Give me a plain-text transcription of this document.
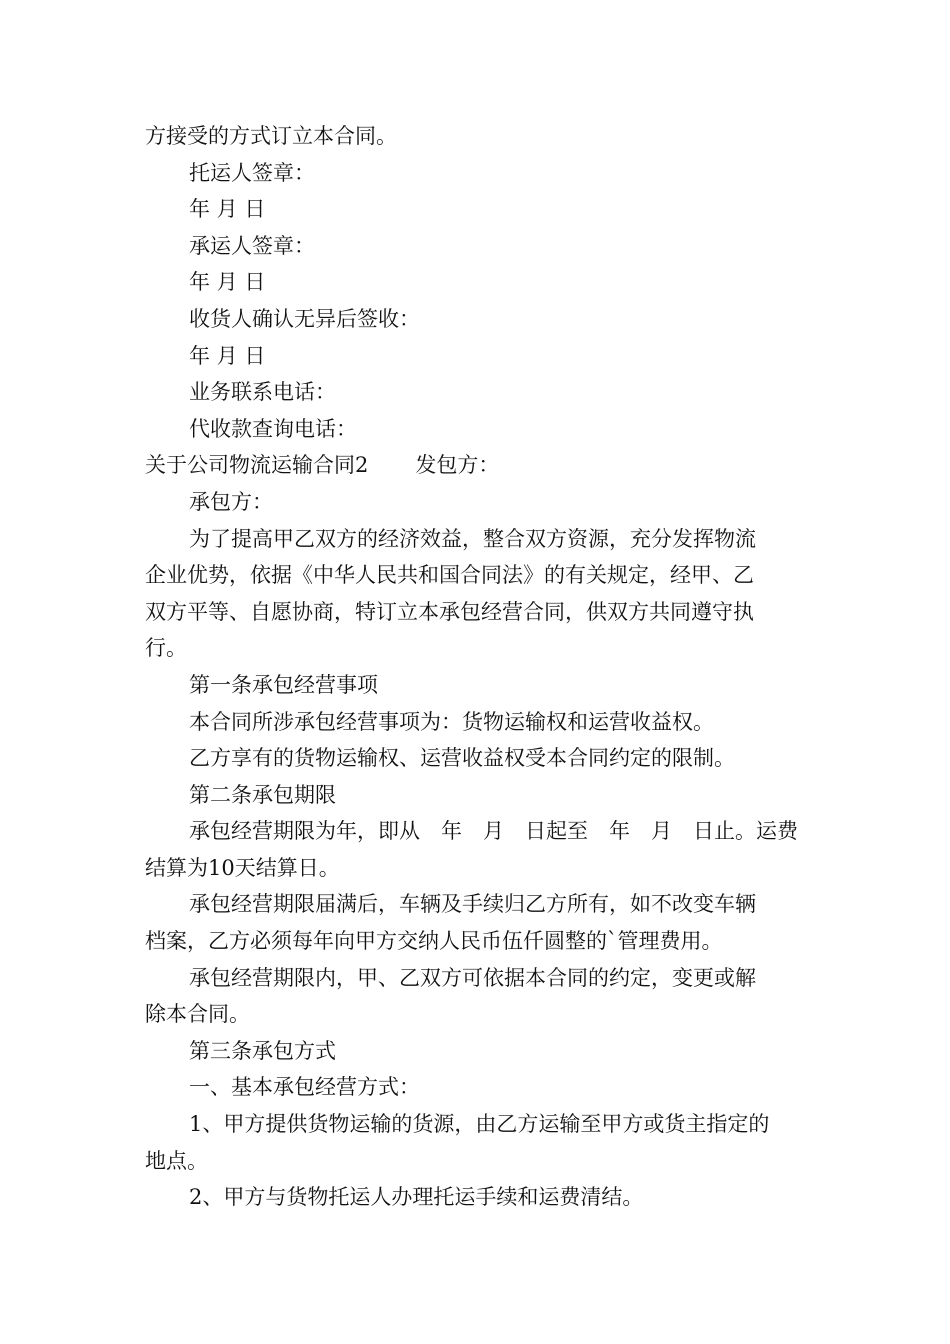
方接受的方式订立本合同。

托运人签章：

年 月 日

承运人签章：

年 月 日

收货人确认无异后签收：

年 月 日

业务联系电话：

代收款查询电话：

关于公司物流运输合同2 发包方：

承包方：

为了提高甲乙双方的经济效益，整合双方资源，充分发挥物流

企业优势，依据《中华人民共和国合同法》的有关规定，经甲、乙

双方平等、自愿协商，特订立本承包经营合同，供双方共同遵守执

行。

第一条承包经营事项

本合同所涉承包经营事项为：货物运输权和运营收益权。

乙方享有的货物运输权、运营收益权受本合同约定的限制。

第二条承包期限

承包经营期限为年，即从　年　月　日起至　年　月　日止。运费

结算为10天结算日。

承包经营期限届满后，车辆及手续归乙方所有，如不改变车辆

档案，乙方必须每年向甲方交纳人民币伍仟圆整的`管理费用。

承包经营期限内，甲、乙双方可依据本合同的约定，变更或解

除本合同。

第三条承包方式

一、基本承包经营方式：

1、甲方提供货物运输的货源，由乙方运输至甲方或货主指定的

地点。

2、甲方与货物托运人办理托运手续和运费清结。
